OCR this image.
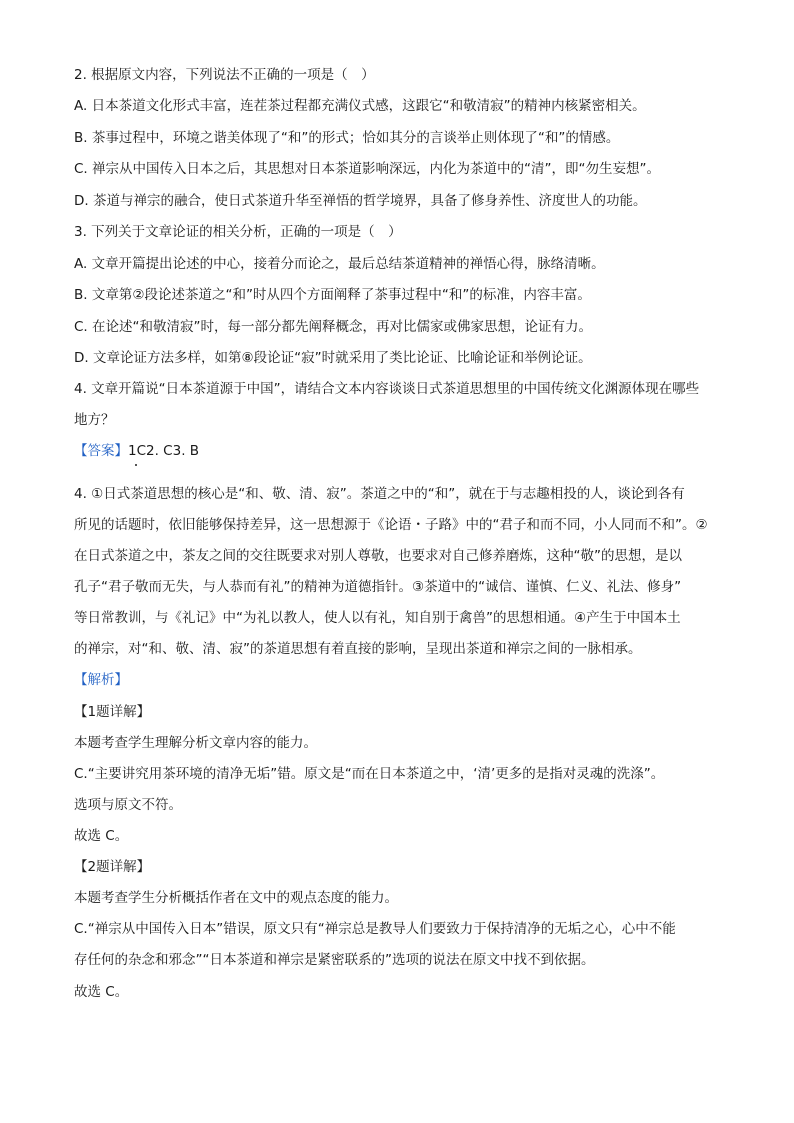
2. 根据原文内容，下列说法不正确的一项是（　）
A. 日本茶道文化形式丰富，连茬茶过程都充满仪式感，这跟它“和敬清寂”的精神内核紧密相关。
B. 茶事过程中，环境之谐美体现了“和”的形式；恰如其分的言谈举止则体现了“和”的情感。
C. 禅宗从中国传入日本之后，其思想对日本茶道影响深远，内化为茶道中的“清”，即“勿生妄想”。
D. 茶道与禅宗的融合，使日式茶道升华至禅悟的哲学境界，具备了修身养性、济度世人的功能。
3. 下列关于文章论证的相关分析，正确的一项是（　）
A. 文章开篇提出论述的中心，接着分而论之，最后总结茶道精神的禅悟心得，脉络清晰。
B. 文章第②段论述茶道之“和”时从四个方面阐释了茶事过程中“和”的标准，内容丰富。
C. 在论述“和敬清寂”时，每一部分都先阐释概念，再对比儒家或佛家思想，论证有力。
D. 文章论证方法多样，如第⑧段论证“寂”时就采用了类比论证、比喻论证和举例论证。
4. 文章开篇说“日本茶道源于中国”，请结合文本内容谈谈日式茶道思想里的中国传统文化渊源体现在哪些
地方？
【答案】1C2. C3. B
4. ①日式茶道思想的核心是“和、敬、清、寂”。茶道之中的“和”，就在于与志趣相投的人，谈论到各有
所见的话题时，依旧能够保持差异，这一思想源于《论语・子路》中的“君子和而不同，小人同而不和”。②
在日式茶道之中，茶友之间的交往既要求对别人尊敬，也要求对自己修养磨炼，这种“敬”的思想，是以
孔子“君子敬而无失，与人恭而有礼”的精神为道德指针。③茶道中的“诚信、谨慎、仁义、礼法、修身”
等日常教训，与《礼记》中“为礼以教人，使人以有礼，知自别于禽兽”的思想相通。④产生于中国本土
的禅宗，对“和、敬、清、寂”的茶道思想有着直接的影响，呈现出茶道和禅宗之间的一脉相承。
【解析】
【1题详解】
本题考查学生理解分析文章内容的能力。
C.“主要讲究用茶环境的清净无垢”错。原文是“而在日本茶道之中，‘清’更多的是指对灵魂的洗涤”。
选项与原文不符。
故选 C。
【2题详解】
本题考查学生分析概括作者在文中的观点态度的能力。
C.“禅宗从中国传入日本”错误，原文只有“禅宗总是教导人们要致力于保持清净的无垢之心，心中不能
存任何的杂念和邪念”“日本茶道和禅宗是紧密联系的”选项的说法在原文中找不到依据。
故选 C。
